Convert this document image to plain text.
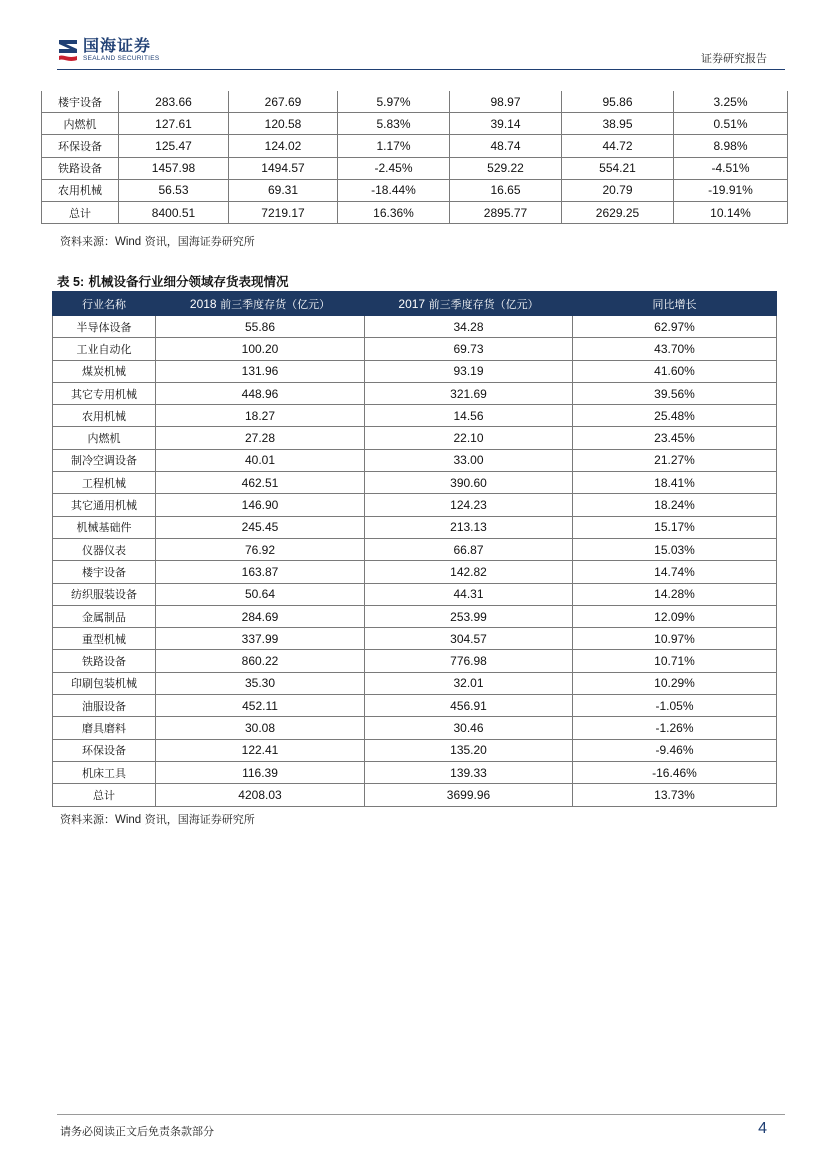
国海证券
SEALAND SECURITIES	证券研究报告
楼宇设备	283.66	267.69	5.97%	98.97	95.86	3.25%
内燃机	127.61	120.58	5.83%	39.14	38.95	0.51%
环保设备	125.47	124.02	1.17%	48.74	44.72	8.98%
铁路设备	1457.98	1494.57	-2.45%	529.22	554.21	-4.51%
农用机械	56.53	69.31	-18.44%	16.65	20.79	-19.91%
总计	8400.51	7219.17	16.36%	2895.77	2629.25	10.14%
资料来源：Wind 资讯，国海证券研究所
表 5: 机械设备行业细分领域存货表现情况
行业名称	2018 前三季度存货（亿元）	2017 前三季度存货（亿元）	同比增长
半导体设备	55.86	34.28	62.97%
工业自动化	100.20	69.73	43.70%
煤炭机械	131.96	93.19	41.60%
其它专用机械	448.96	321.69	39.56%
农用机械	18.27	14.56	25.48%
内燃机	27.28	22.10	23.45%
制冷空调设备	40.01	33.00	21.27%
工程机械	462.51	390.60	18.41%
其它通用机械	146.90	124.23	18.24%
机械基础件	245.45	213.13	15.17%
仪器仪表	76.92	66.87	15.03%
楼宇设备	163.87	142.82	14.74%
纺织服装设备	50.64	44.31	14.28%
金属制品	284.69	253.99	12.09%
重型机械	337.99	304.57	10.97%
铁路设备	860.22	776.98	10.71%
印刷包装机械	35.30	32.01	10.29%
油服设备	452.11	456.91	-1.05%
磨具磨料	30.08	30.46	-1.26%
环保设备	122.41	135.20	-9.46%
机床工具	116.39	139.33	-16.46%
总计	4208.03	3699.96	13.73%
资料来源：Wind 资讯，国海证券研究所
请务必阅读正文后免责条款部分	4
